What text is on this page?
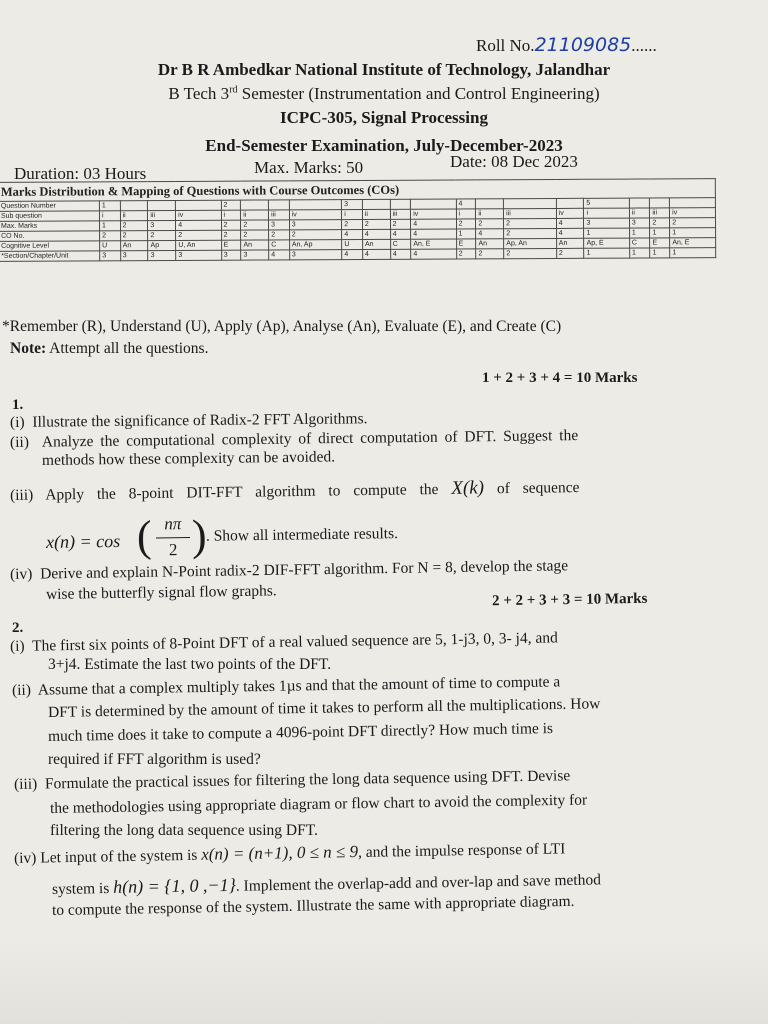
Roll No.21109085......
Dr B R Ambedkar National Institute of Technology, Jalandhar
B Tech 3rd Semester (Instrumentation and Control Engineering)
ICPC-305, Signal Processing
End-Semester Examination, July-December-2023
Duration: 03 Hours	Max. Marks: 50	Date: 08 Dec 2023
Marks Distribution & Mapping of Questions with Course Outcomes (COs)																				
Question Number	1				2				3				4				5			
Sub question	i	ii	iii	iv	i	ii	iii	iv	i	ii	iii	iv	i	ii	iii	iv	i	ii	iii	iv
Max. Marks	1	2	3	4	2	2	3	3	2	2	2	4	2	2	2	4	3	3	2	2
CO No.	2	2	2	2	2	2	2	2	4	4	4	4	1	4	2	4	1	1	1	1
Cognitive Level	U	An	Ap	U, An	E	An	C	An, Ap	U	An	C	An, E	E	An	Ap, An	An	Ap, E	C	E	An, E
*Section/Chapter/Unit	3	3	3	3	3	3	4	3	4	4	4	4	2	2	2	2	1	1	1	1
*Remember (R), Understand (U), Apply (Ap), Analyse (An), Evaluate (E), and Create (C)
Note: Attempt all the questions.
1 + 2 + 3 + 4 = 10 Marks
1.
(i) Illustrate the significance of Radix-2 FFT Algorithms.
(ii) Analyze the computational complexity of direct computation of DFT. Suggest the
methods how these complexity can be avoided.
(iii) Apply the 8-point DIT-FFT algorithm to compute the X(k) of sequence
x(n) = cos ( nπ
2 )
. Show all intermediate results.
(iv) Derive and explain N-Point radix-2 DIF-FFT algorithm. For N = 8, develop the stage
wise the butterfly signal flow graphs.	2 + 2 + 3 + 3 = 10 Marks
2.
(i) The first six points of 8-Point DFT of a real valued sequence are 5, 1-j3, 0, 3- j4, and
3+j4. Estimate the last two points of the DFT.
(ii) Assume that a complex multiply takes 1µs and that the amount of time to compute a
DFT is determined by the amount of time it takes to perform all the multiplications. How
much time does it take to compute a 4096-point DFT directly? How much time is
required if FFT algorithm is used?
(iii) Formulate the practical issues for filtering the long data sequence using DFT. Devise
the methodologies using appropriate diagram or flow chart to avoid the complexity for
filtering the long data sequence using DFT.
(iv) Let input of the system is x(n) = (n+1), 0 ≤ n ≤ 9, and the impulse response of LTI
system is h(n) = {1, 0 ,−1}. Implement the overlap-add and over-lap and save method
to compute the response of the system. Illustrate the same with appropriate diagram.
